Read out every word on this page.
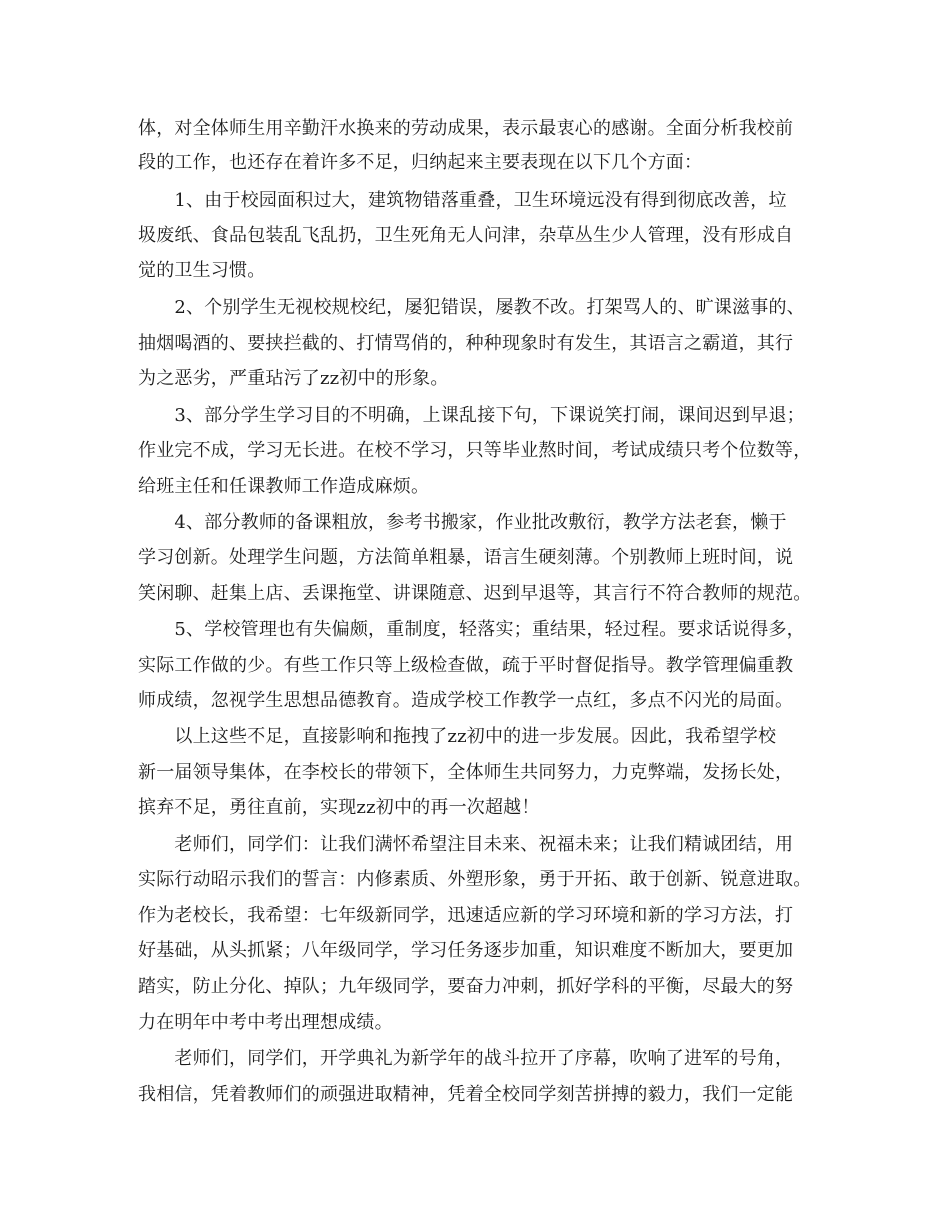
体，对全体师生用辛勤汗水换来的劳动成果，表示最衷心的感谢。全面分析我校前
段的工作，也还存在着许多不足，归纳起来主要表现在以下几个方面：
　　1、由于校园面积过大，建筑物错落重叠，卫生环境远没有得到彻底改善，垃
圾废纸、食品包装乱飞乱扔，卫生死角无人问津，杂草丛生少人管理，没有形成自
觉的卫生习惯。
　　2、个别学生无视校规校纪，屡犯错误，屡教不改。打架骂人的、旷课滋事的、
抽烟喝酒的、要挟拦截的、打情骂俏的，种种现象时有发生，其语言之霸道，其行
为之恶劣，严重玷污了zz初中的形象。
　　3、部分学生学习目的不明确，上课乱接下句，下课说笑打闹，课间迟到早退；
作业完不成，学习无长进。在校不学习，只等毕业熬时间，考试成绩只考个位数等，
给班主任和任课教师工作造成麻烦。
　　4、部分教师的备课粗放，参考书搬家，作业批改敷衍，教学方法老套，懒于
学习创新。处理学生问题，方法简单粗暴，语言生硬刻薄。个别教师上班时间，说
笑闲聊、赶集上店、丢课拖堂、讲课随意、迟到早退等，其言行不符合教师的规范。
　　5、学校管理也有失偏颇，重制度，轻落实；重结果，轻过程。要求话说得多，
实际工作做的少。有些工作只等上级检查做，疏于平时督促指导。教学管理偏重教
师成绩，忽视学生思想品德教育。造成学校工作教学一点红，多点不闪光的局面。
　　以上这些不足，直接影响和拖拽了zz初中的进一步发展。因此，我希望学校
新一届领导集体，在李校长的带领下，全体师生共同努力，力克弊端，发扬长处，
摈弃不足，勇往直前，实现zz初中的再一次超越！
　　老师们，同学们：让我们满怀希望注目未来、祝福未来；让我们精诚团结，用
实际行动昭示我们的誓言：内修素质、外塑形象，勇于开拓、敢于创新、锐意进取。
作为老校长，我希望：七年级新同学，迅速适应新的学习环境和新的学习方法，打
好基础，从头抓紧；八年级同学，学习任务逐步加重，知识难度不断加大，要更加
踏实，防止分化、掉队；九年级同学，要奋力冲刺，抓好学科的平衡，尽最大的努
力在明年中考中考出理想成绩。
　　老师们，同学们，开学典礼为新学年的战斗拉开了序幕，吹响了进军的号角，
我相信，凭着教师们的顽强进取精神，凭着全校同学刻苦拼搏的毅力，我们一定能
